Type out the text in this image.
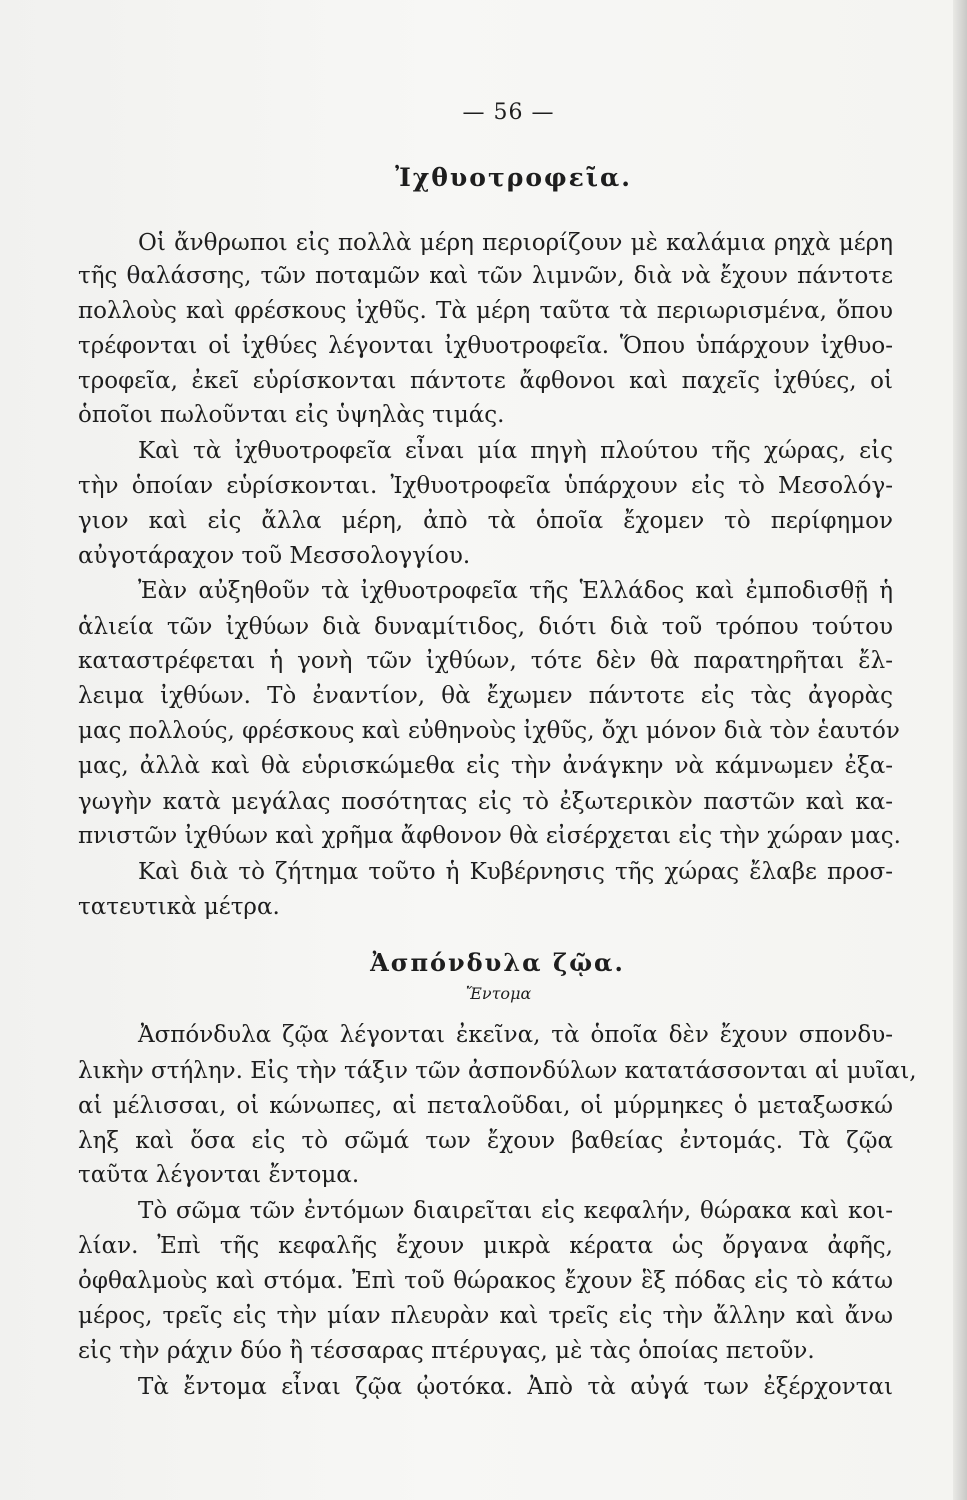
— 56 —
Ἰχθυοτροφεῖα.
Οἱ ἄνθρωποι εἰς πολλὰ μέρη περιορίζουν μὲ καλάμια ρηχὰ μέρη
τῆς θαλάσσης, τῶν ποταμῶν καὶ τῶν λιμνῶν, διὰ νὰ ἔχουν πάντοτε
πολλοὺς καὶ φρέσκους ἰχθῦς. Τὰ μέρη ταῦτα τὰ περιωρισμένα, ὅπου
τρέφονται οἱ ἰχθύες λέγονται ἰχθυοτροφεῖα. Ὅπου ὑπάρχουν ἰχθυο-
τροφεῖα, ἐκεῖ εὑρίσκονται πάντοτε ἄφθονοι καὶ παχεῖς ἰχθύες, οἱ
ὁποῖοι πωλοῦνται εἰς ὑψηλὰς τιμάς.
Καὶ τὰ ἰχθυοτροφεῖα εἶναι μία πηγὴ πλούτου τῆς χώρας, εἰς
τὴν ὁποίαν εὑρίσκονται. Ἰχθυοτροφεῖα ὑπάρχουν εἰς τὸ Μεσολόγ-
γιον καὶ εἰς ἄλλα μέρη, ἀπὸ τὰ ὁποῖα ἔχομεν τὸ περίφημον
αὐγοτάραχον τοῦ Μεσσολογγίου.
Ἐὰν αὐξηθοῦν τὰ ἰχθυοτροφεῖα τῆς Ἑλλάδος καὶ ἐμποδισθῇ ἡ
ἁλιεία τῶν ἰχθύων διὰ δυναμίτιδος, διότι διὰ τοῦ τρόπου τούτου
καταστρέφεται ἡ γονὴ τῶν ἰχθύων, τότε δὲν θὰ παρατηρῆται ἔλ-
λειμα ἰχθύων. Τὸ ἐναντίον, θὰ ἔχωμεν πάντοτε εἰς τὰς ἀγορὰς
μας πολλούς, φρέσκους καὶ εὐθηνοὺς ἰχθῦς, ὄχι μόνον διὰ τὸν ἑαυτόν
μας, ἀλλὰ καὶ θὰ εὑρισκώμεθα εἰς τὴν ἀνάγκην νὰ κάμνωμεν ἐξα-
γωγὴν κατὰ μεγάλας ποσότητας εἰς τὸ ἐξωτερικὸν παστῶν καὶ κα-
πνιστῶν ἰχθύων καὶ χρῆμα ἄφθονον θὰ εἰσέρχεται εἰς τὴν χώραν μας.
Καὶ διὰ τὸ ζήτημα τοῦτο ἡ Κυβέρνησις τῆς χώρας ἔλαβε προσ-
τατευτικὰ μέτρα.
Ἀσπόνδυλα ζῷα.
Ἔντομα
Ἀσπόνδυλα ζῷα λέγονται ἐκεῖνα, τὰ ὁποῖα δὲν ἔχουν σπονδυ-
λικὴν στήλην. Εἰς τὴν τάξιν τῶν ἀσπονδύλων κατατάσσονται αἱ μυῖαι,
αἱ μέλισσαι, οἱ κώνωπες, αἱ πεταλοῦδαι, οἱ μύρμηκες ὁ μεταξωσκώ
ληξ καὶ ὅσα εἰς τὸ σῶμά των ἔχουν βαθείας ἐντομάς. Τὰ ζῷα
ταῦτα λέγονται ἔντομα.
Τὸ σῶμα τῶν ἐντόμων διαιρεῖται εἰς κεφαλήν, θώρακα καὶ κοι-
λίαν. Ἐπὶ τῆς κεφαλῆς ἔχουν μικρὰ κέρατα ὡς ὄργανα ἀφῆς,
ὀφθαλμοὺς καὶ στόμα. Ἐπὶ τοῦ θώρακος ἔχουν ἓξ πόδας εἰς τὸ κάτω
μέρος, τρεῖς εἰς τὴν μίαν πλευρὰν καὶ τρεῖς εἰς τὴν ἄλλην καὶ ἄνω
εἰς τὴν ράχιν δύο ἢ τέσσαρας πτέρυγας, μὲ τὰς ὁποίας πετοῦν.
Τὰ ἔντομα εἶναι ζῷα ᾠοτόκα. Ἀπὸ τὰ αὐγά των ἐξέρχονται
